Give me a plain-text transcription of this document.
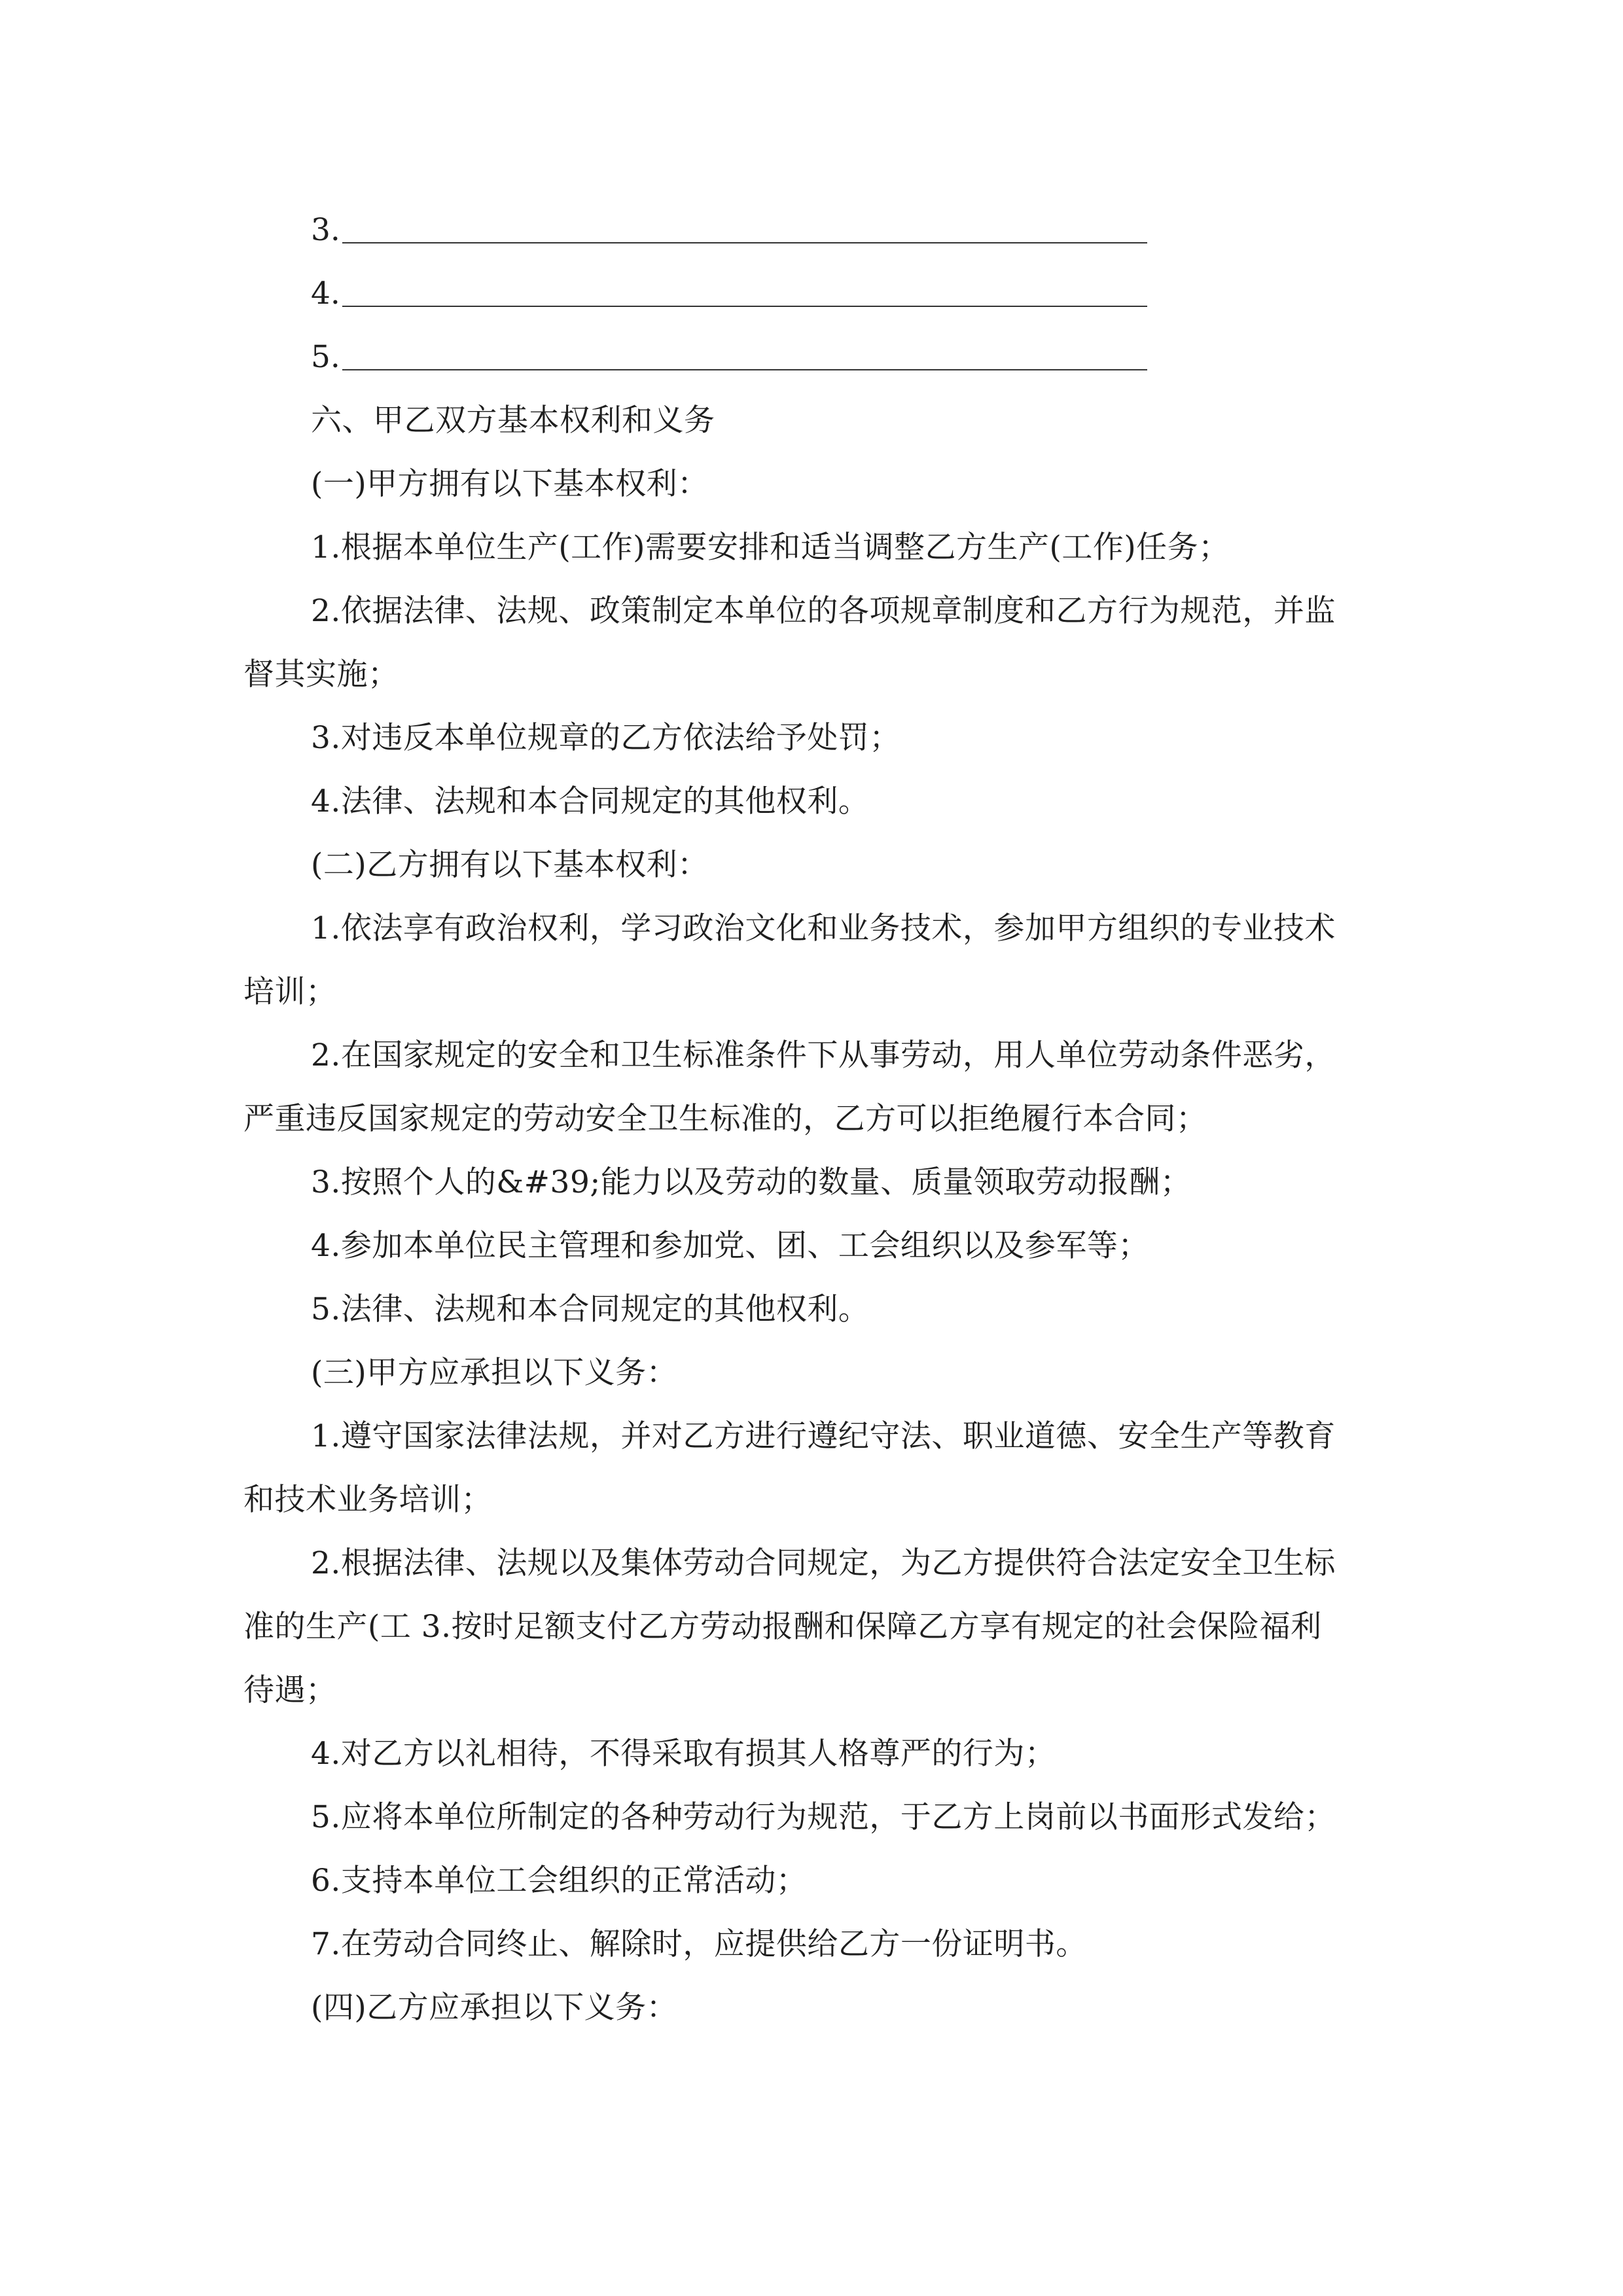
3.
4.
5.
六、甲乙双方基本权利和义务
(一)甲方拥有以下基本权利：
1.根据本单位生产(工作)需要安排和适当调整乙方生产(工作)任务；
2.依据法律、法规、政策制定本单位的各项规章制度和乙方行为规范，并监
督其实施；
3.对违反本单位规章的乙方依法给予处罚；
4.法律、法规和本合同规定的其他权利。
(二)乙方拥有以下基本权利：
1.依法享有政治权利，学习政治文化和业务技术，参加甲方组织的专业技术
培训；
2.在国家规定的安全和卫生标准条件下从事劳动，用人单位劳动条件恶劣，
严重违反国家规定的劳动安全卫生标准的，乙方可以拒绝履行本合同；
3.按照个人的&#39;能力以及劳动的数量、质量领取劳动报酬；
4.参加本单位民主管理和参加党、团、工会组织以及参军等；
5.法律、法规和本合同规定的其他权利。
(三)甲方应承担以下义务：
1.遵守国家法律法规，并对乙方进行遵纪守法、职业道德、安全生产等教育
和技术业务培训；
2.根据法律、法规以及集体劳动合同规定，为乙方提供符合法定安全卫生标
准的生产(工 3.按时足额支付乙方劳动报酬和保障乙方享有规定的社会保险福利
待遇；
4.对乙方以礼相待，不得采取有损其人格尊严的行为；
5.应将本单位所制定的各种劳动行为规范，于乙方上岗前以书面形式发给；
6.支持本单位工会组织的正常活动；
7.在劳动合同终止、解除时，应提供给乙方一份证明书。
(四)乙方应承担以下义务：
